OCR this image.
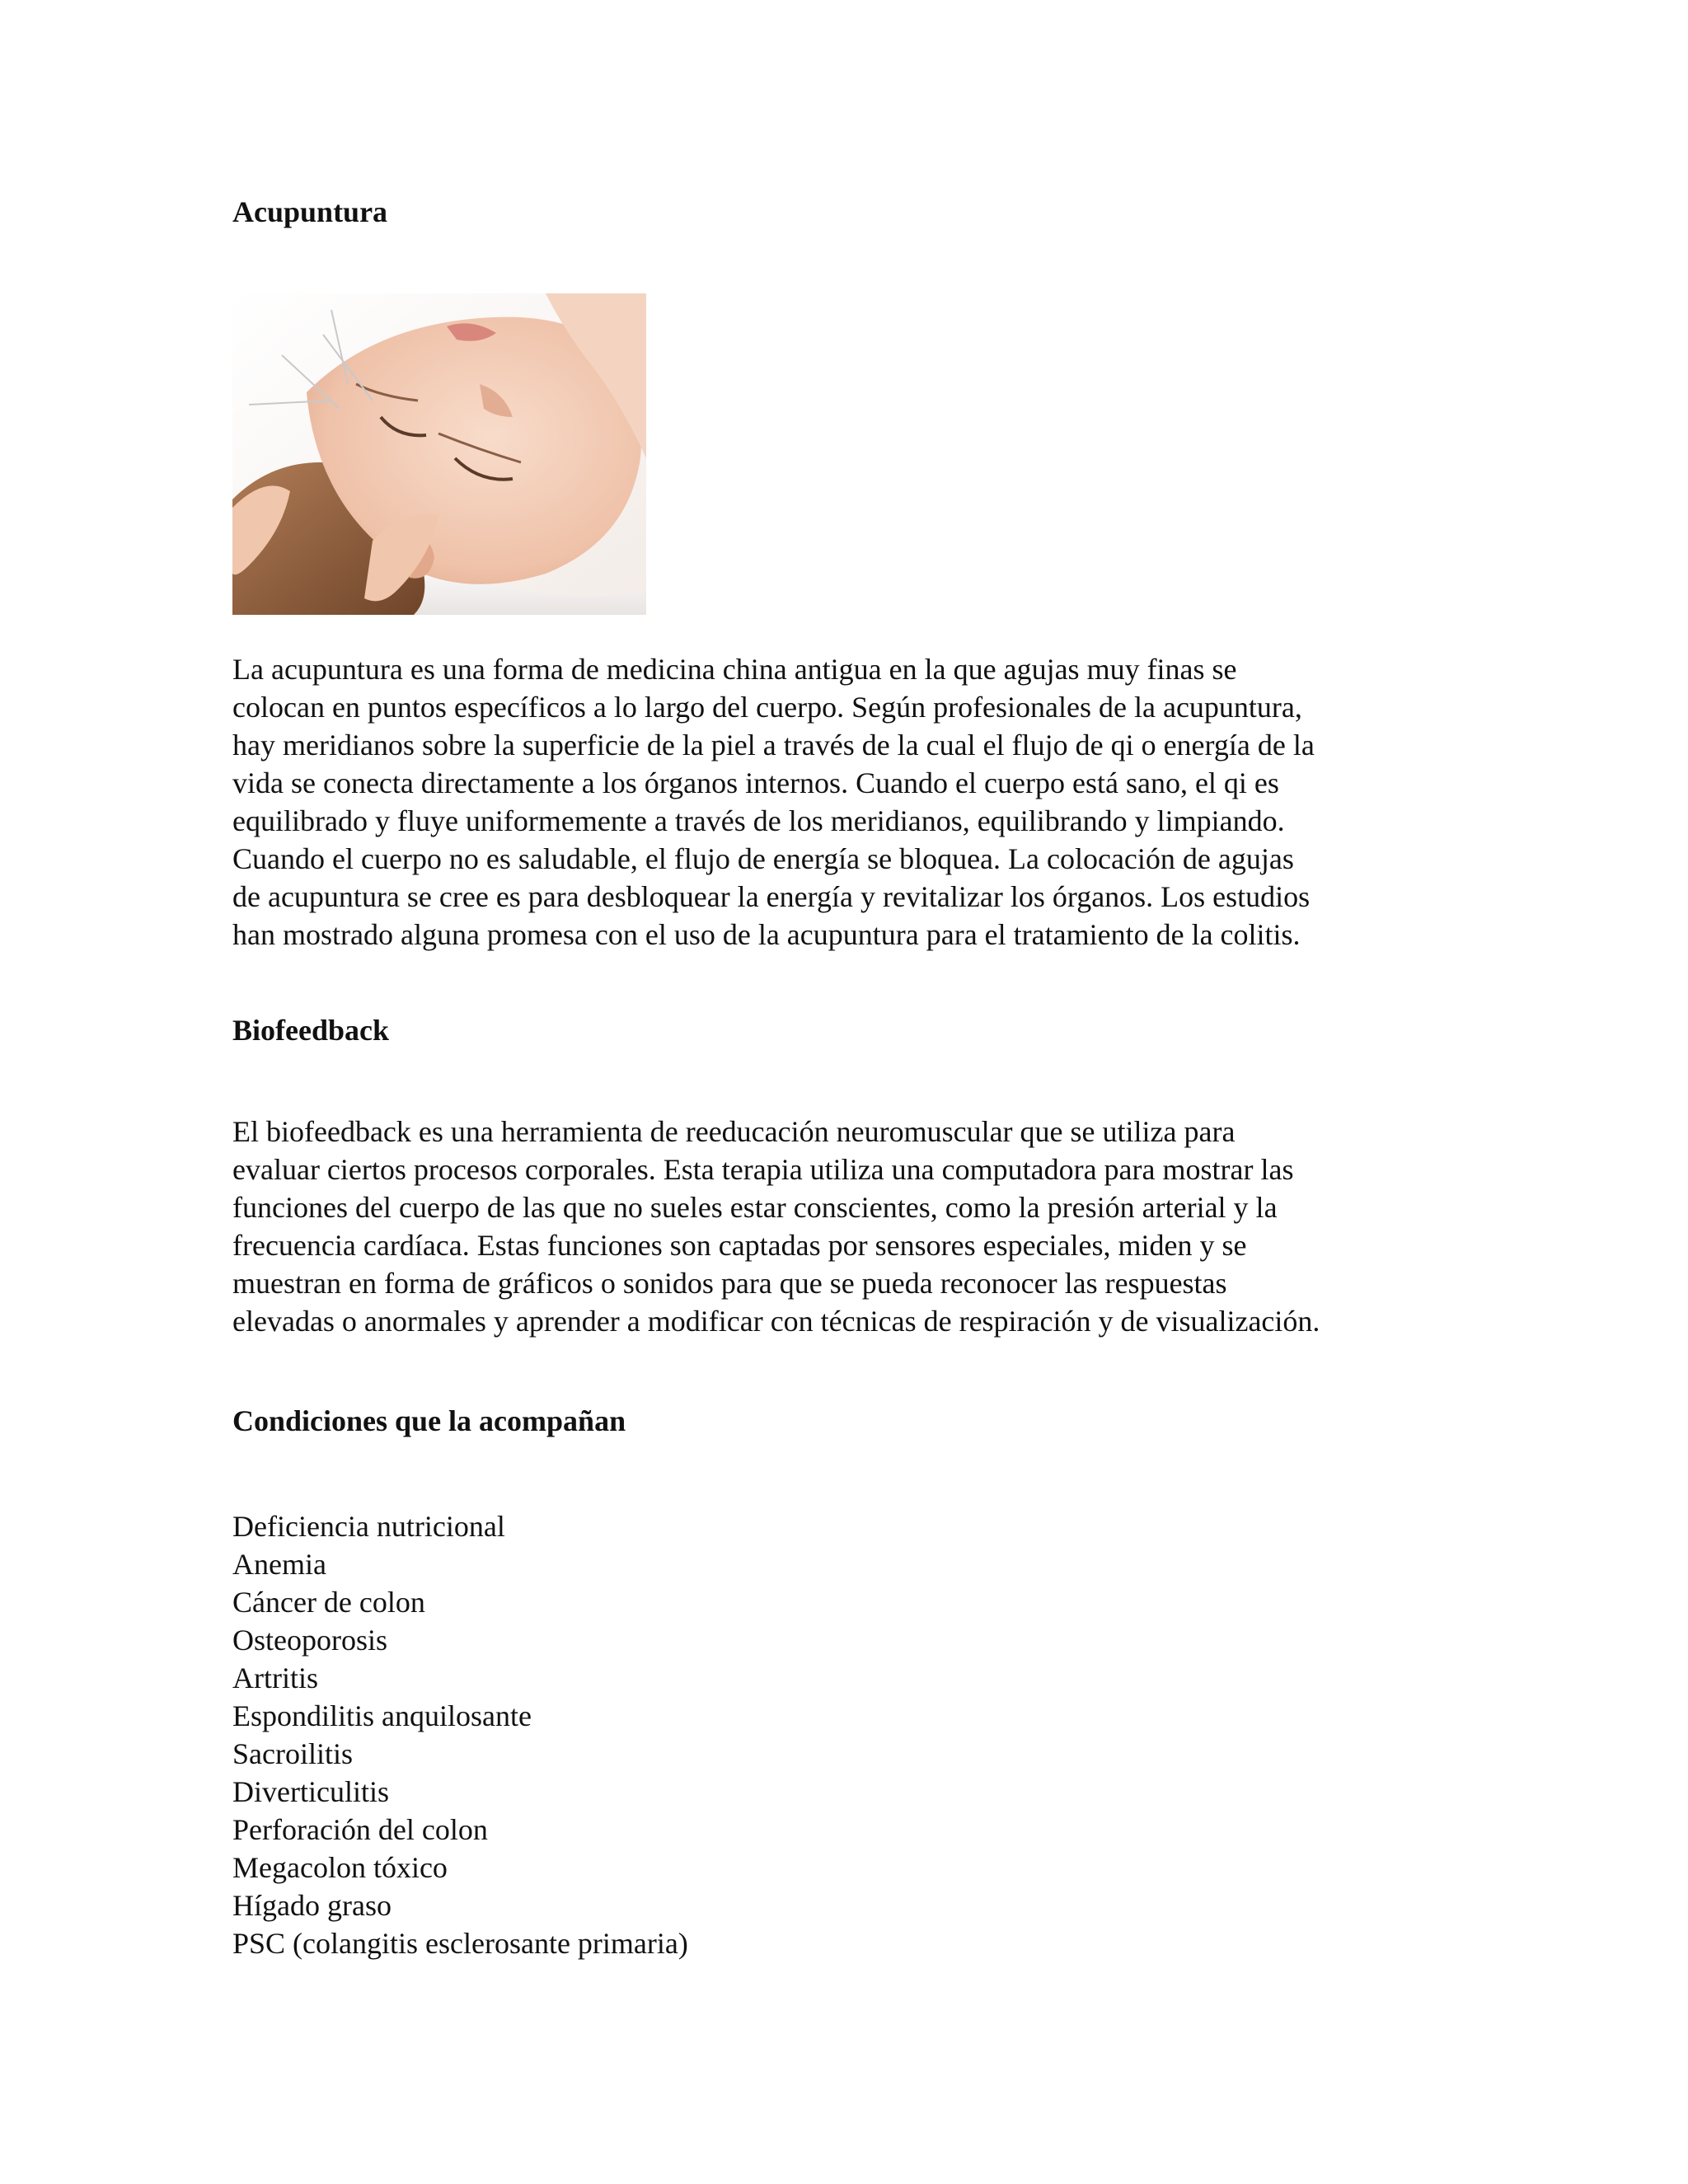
Acupuntura
La acupuntura es una forma de medicina china antigua en la que agujas muy finas se
colocan en puntos específicos a lo largo del cuerpo. Según profesionales de la acupuntura,
hay meridianos sobre la superficie de la piel a través de la cual el flujo de qi o energía de la
vida se conecta directamente a los órganos internos. Cuando el cuerpo está sano, el qi es
equilibrado y fluye uniformemente a través de los meridianos, equilibrando y limpiando.
Cuando el cuerpo no es saludable, el flujo de energía se bloquea. La colocación de agujas
de acupuntura se cree es para desbloquear la energía y revitalizar los órganos. Los estudios
han mostrado alguna promesa con el uso de la acupuntura para el tratamiento de la colitis.
Biofeedback
El biofeedback es una herramienta de reeducación neuromuscular que se utiliza para
evaluar ciertos procesos corporales. Esta terapia utiliza una computadora para mostrar las
funciones del cuerpo de las que no sueles estar conscientes, como la presión arterial y la
frecuencia cardíaca. Estas funciones son captadas por sensores especiales, miden y se
muestran en forma de gráficos o sonidos para que se pueda reconocer las respuestas
elevadas o anormales y aprender a modificar con técnicas de respiración y de visualización.
Condiciones que la acompañan
Deficiencia nutricional
Anemia
Cáncer de colon
Osteoporosis
Artritis
Espondilitis anquilosante
Sacroilitis
Diverticulitis
Perforación del colon
Megacolon tóxico
Hígado graso
PSC (colangitis esclerosante primaria)
